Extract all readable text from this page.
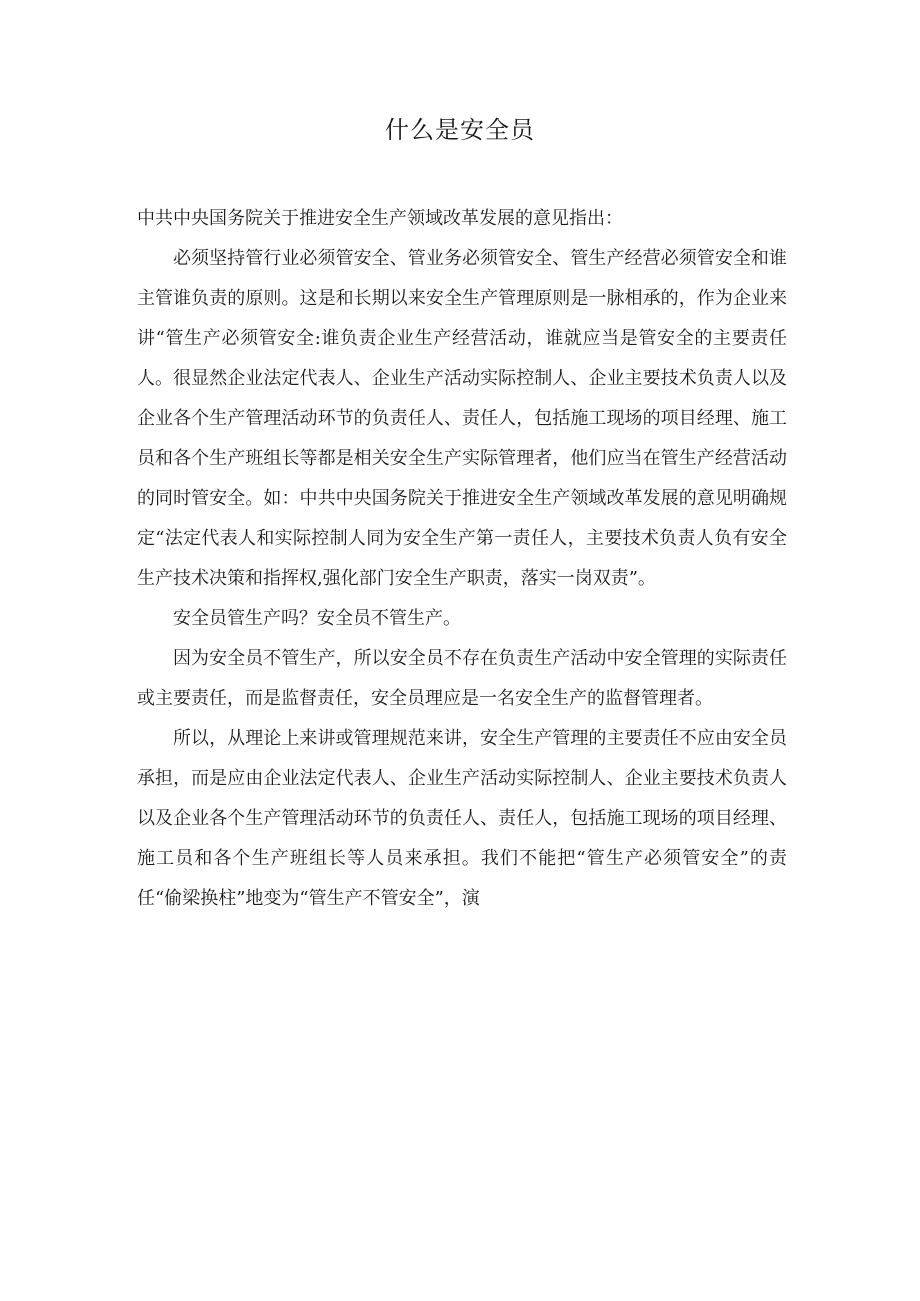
什么是安全员

中共中央国务院关于推进安全生产领域改革发展的意见指出：

必须坚持管行业必须管安全、管业务必须管安全、管生产经营必须管安全和谁主管谁负责的原则。这是和长期以来安全生产管理原则是一脉相承的，作为企业来讲“管生产必须管安全:谁负责企业生产经营活动，谁就应当是管安全的主要责任人。很显然企业法定代表人、企业生产活动实际控制人、企业主要技术负责人以及企业各个生产管理活动环节的负责任人、责任人，包括施工现场的项目经理、施工员和各个生产班组长等都是相关安全生产实际管理者，他们应当在管生产经营活动的同时管安全。如：中共中央国务院关于推进安全生产领域改革发展的意见明确规定“法定代表人和实际控制人同为安全生产第一责任人，主要技术负责人负有安全生产技术决策和指挥权,强化部门安全生产职责，落实一岗双责”。

安全员管生产吗？安全员不管生产。

因为安全员不管生产，所以安全员不存在负责生产活动中安全管理的实际责任或主要责任，而是监督责任，安全员理应是一名安全生产的监督管理者。

所以，从理论上来讲或管理规范来讲，安全生产管理的主要责任不应由安全员承担，而是应由企业法定代表人、企业生产活动实际控制人、企业主要技术负责人以及企业各个生产管理活动环节的负责任人、责任人，包括施工现场的项目经理、施工员和各个生产班组长等人员来承担。我们不能把“管生产必须管安全”的责任“偷梁换柱”地变为“管生产不管安全”，演
